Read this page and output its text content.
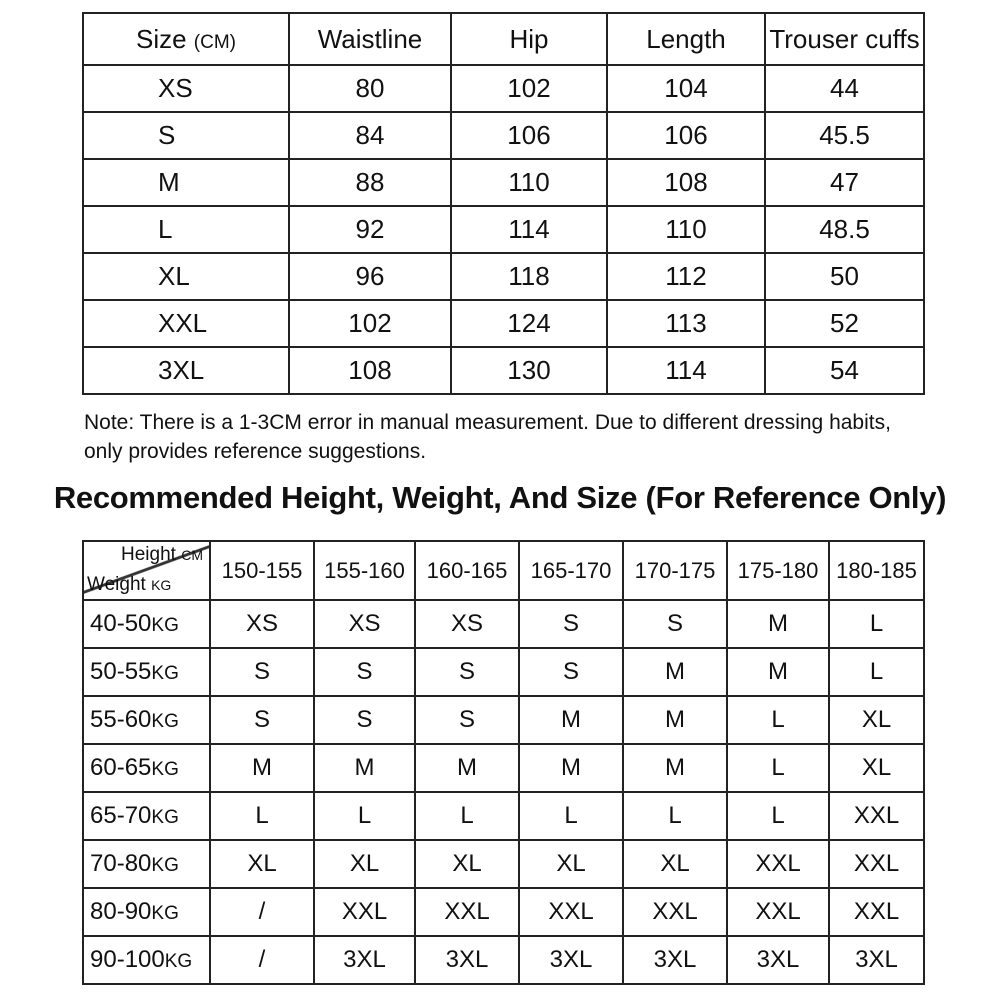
Size (CM)	Waistline	Hip	Length	Trouser cuffs
XS	80	102	104	44
S	84	106	106	45.5
M	88	110	108	47
L	92	114	110	48.5
XL	96	118	112	50
XXL	102	124	113	52
3XL	108	130	114	54
Note: There is a 1-3CM error in manual measurement. Due to different dressing habits,
only provides reference suggestions.
Recommended Height, Weight, And Size (For Reference Only)
Height CM
Weight KG	150-155	155-160	160-165	165-170	170-175	175-180	180-185
40-50KG	XS	XS	XS	S	S	M	L
50-55KG	S	S	S	S	M	M	L
55-60KG	S	S	S	M	M	L	XL
60-65KG	M	M	M	M	M	L	XL
65-70KG	L	L	L	L	L	L	XXL
70-80KG	XL	XL	XL	XL	XL	XXL	XXL
80-90KG	/	XXL	XXL	XXL	XXL	XXL	XXL
90-100KG	/	3XL	3XL	3XL	3XL	3XL	3XL
